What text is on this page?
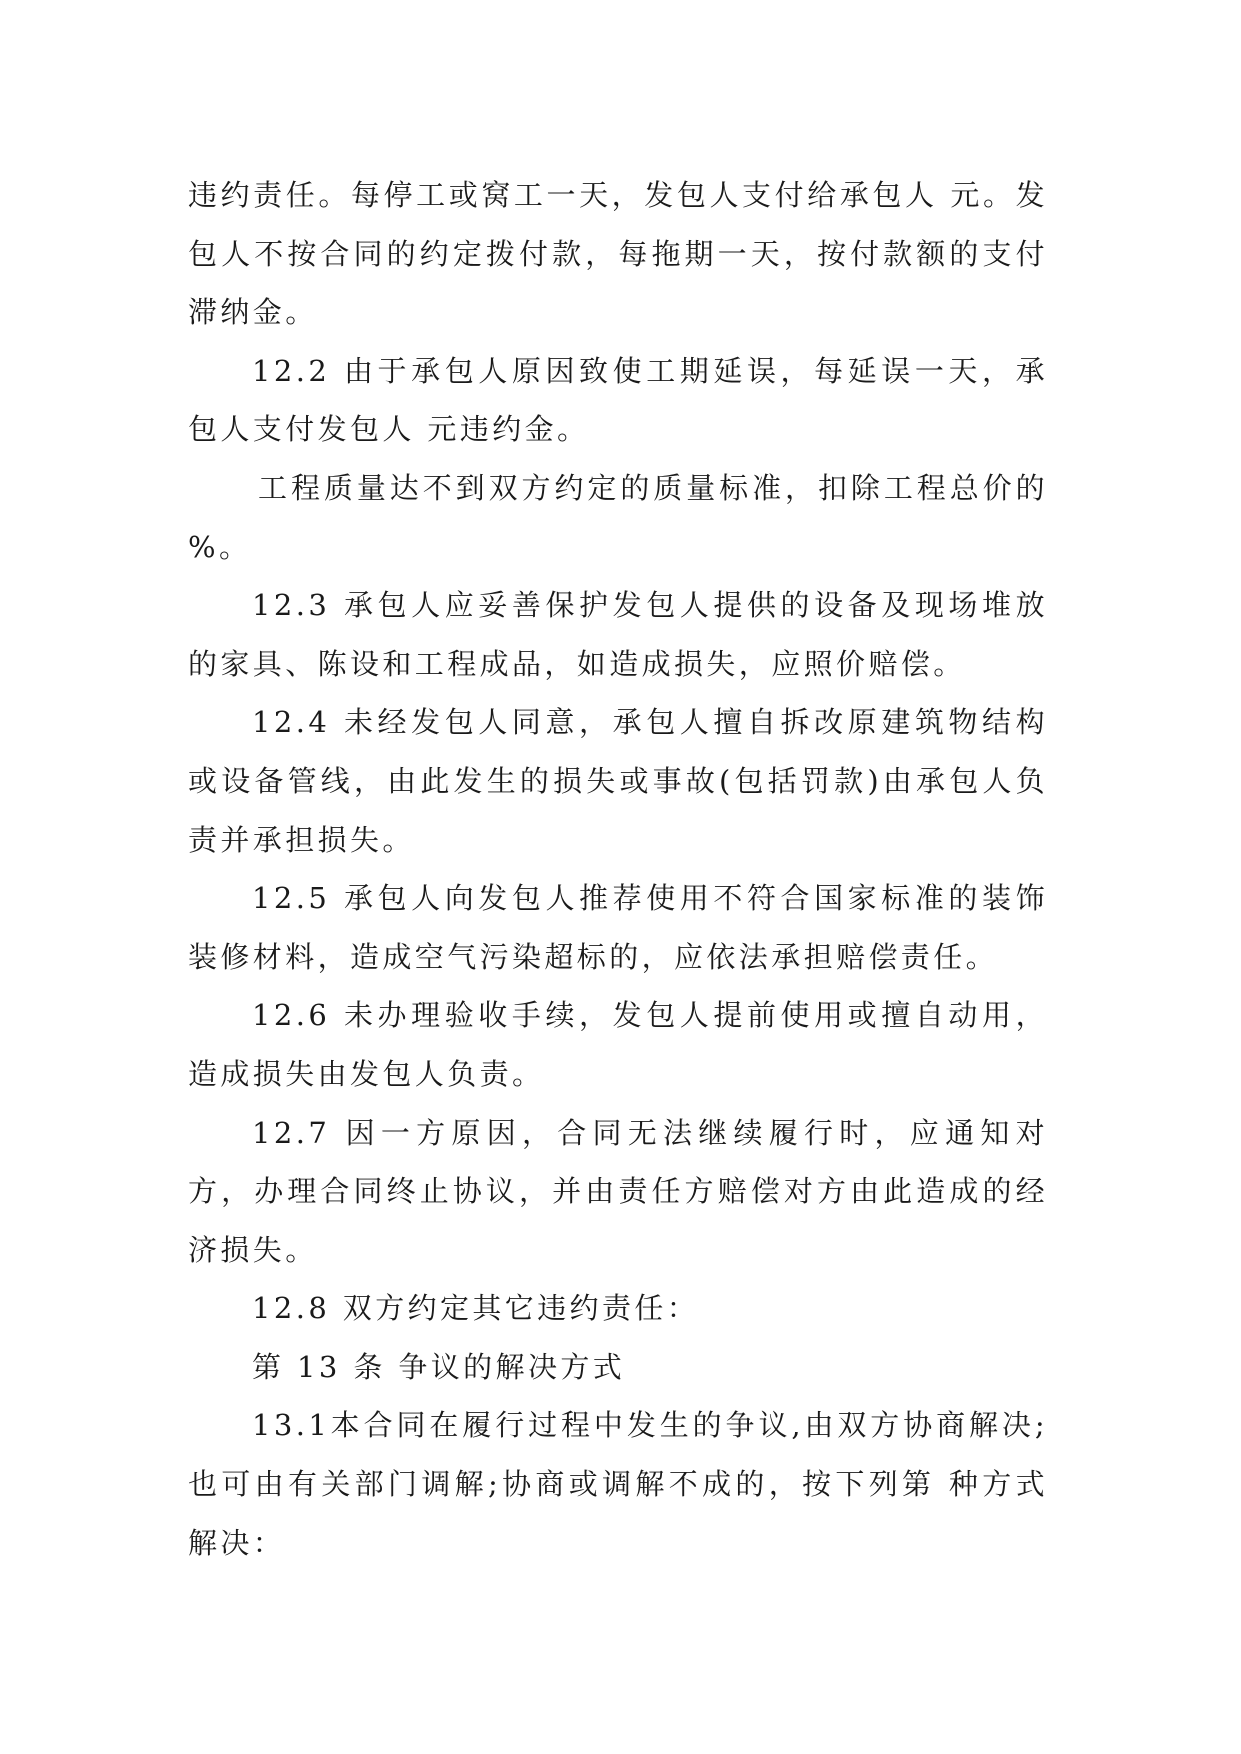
违约责任。每停工或窝工一天，发包人支付给承包人 元。发包人不按合同的约定拨付款，每拖期一天，按付款额的支付滞纳金。

12.2 由于承包人原因致使工期延误，每延误一天，承包人支付发包人 元违约金。

工程质量达不到双方约定的质量标准，扣除工程总价的 %。

12.3 承包人应妥善保护发包人提供的设备及现场堆放的家具、陈设和工程成品，如造成损失，应照价赔偿。

12.4 未经发包人同意，承包人擅自拆改原建筑物结构或设备管线，由此发生的损失或事故(包括罚款)由承包人负责并承担损失。

12.5 承包人向发包人推荐使用不符合国家标准的装饰装修材料，造成空气污染超标的，应依法承担赔偿责任。

12.6 未办理验收手续，发包人提前使用或擅自动用，造成损失由发包人负责。

12.7 因一方原因，合同无法继续履行时，应通知对方，办理合同终止协议，并由责任方赔偿对方由此造成的经济损失。

12.8 双方约定其它违约责任：

第 13 条 争议的解决方式

13.1本合同在履行过程中发生的争议,由双方协商解决;也可由有关部门调解;协商或调解不成的，按下列第 种方式解决：
